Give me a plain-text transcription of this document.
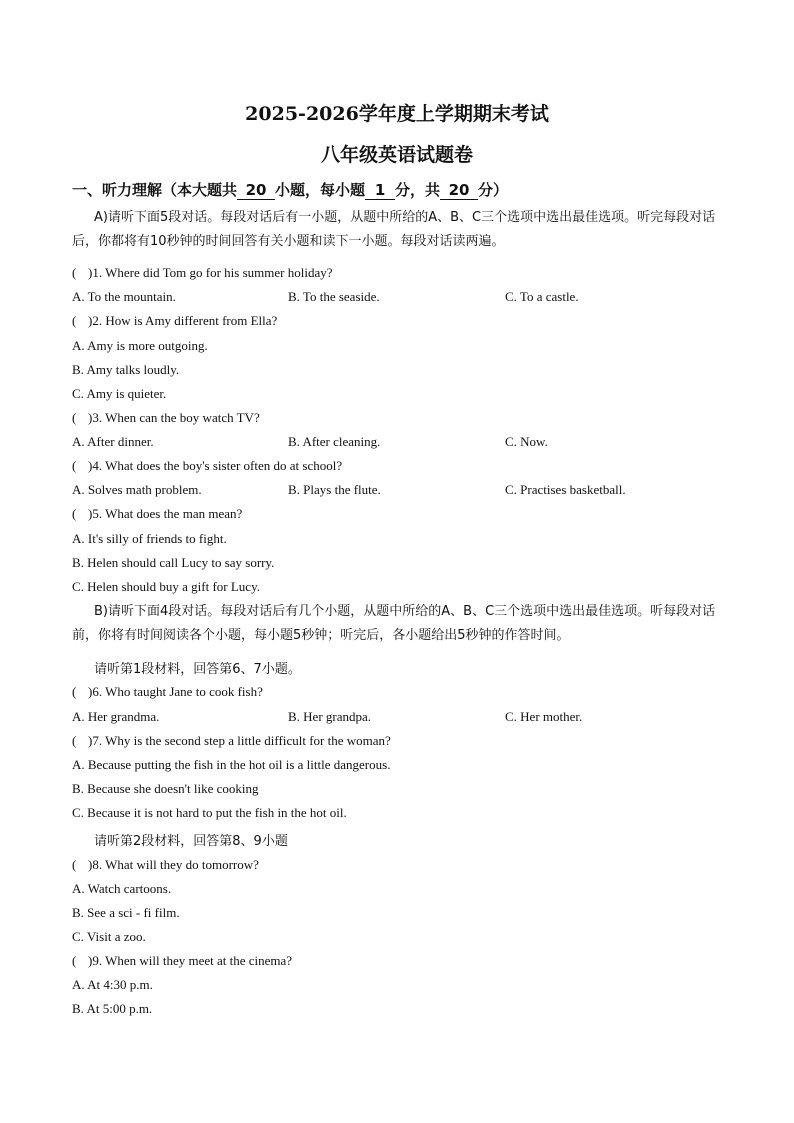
2025-2026学年度上学期期末考试
八年级英语试题卷
一、听力理解（本大题共 20 小题，每小题 1 分，共 20 分）
A)请听下面5段对话。每段对话后有一小题，从题中所给的A、B、C三个选项中选出最佳选项。听完每段对话后，你都将有10秒钟的时间回答有关小题和读下一小题。每段对话读两遍。
( )1. Where did Tom go for his summer holiday?
A. To the mountain.	B. To the seaside.	C. To a castle.
( )2. How is Amy different from Ella?
A. Amy is more outgoing.
B. Amy talks loudly.
C. Amy is quieter.
( )3. When can the boy watch TV?
A. After dinner.	B. After cleaning.	C. Now.
( )4. What does the boy's sister often do at school?
A. Solves math problem.	B. Plays the flute.	C. Practises basketball.
( )5. What does the man mean?
A. It's silly of friends to fight.
B. Helen should call Lucy to say sorry.
C. Helen should buy a gift for Lucy.
B)请听下面4段对话。每段对话后有几个小题，从题中所给的A、B、C三个选项中选出最佳选项。听每段对话前，你将有时间阅读各个小题，每小题5秒钟；听完后，各小题给出5秒钟的作答时间。
请听第1段材料，回答第6、7小题。
( )6. Who taught Jane to cook fish?
A. Her grandma.	B. Her grandpa.	C. Her mother.
( )7. Why is the second step a little difficult for the woman?
A. Because putting the fish in the hot oil is a little dangerous.
B. Because she doesn't like cooking
C. Because it is not hard to put the fish in the hot oil.
请听第2段材料，回答第8、9小题
( )8. What will they do tomorrow?
A. Watch cartoons.
B. See a sci - fi film.
C. Visit a zoo.
( )9. When will they meet at the cinema?
A. At 4:30 p.m.
B. At 5:00 p.m.
